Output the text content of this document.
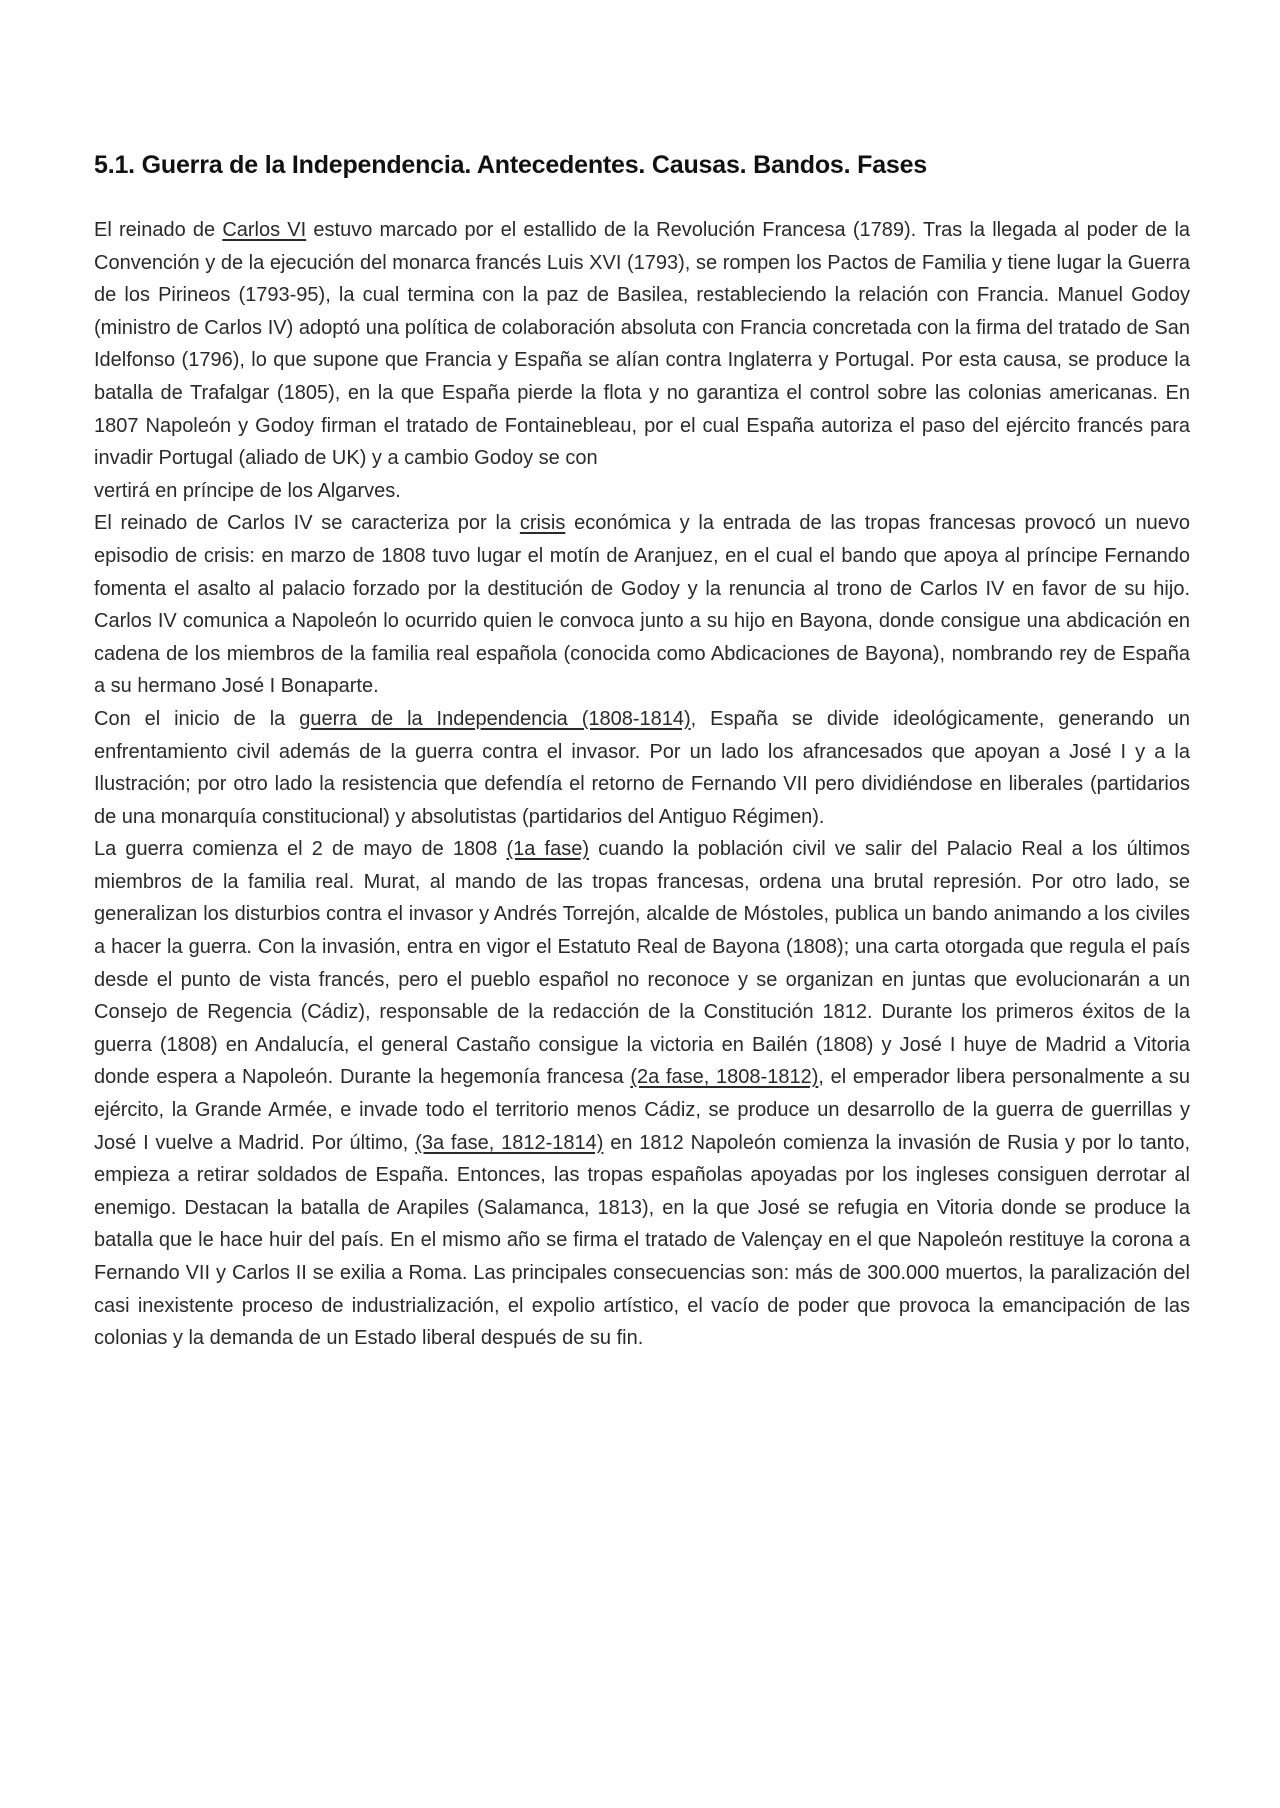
5.1. Guerra de la Independencia. Antecedentes. Causas. Bandos. Fases

El reinado de Carlos VI estuvo marcado por el estallido de la Revolución Francesa (1789). Tras la llegada al poder de la Convención y de la ejecución del monarca francés Luis XVI (1793), se rompen los Pactos de Familia y tiene lugar la Guerra de los Pirineos (1793-95), la cual termina con la paz de Basilea, restableciendo la relación con Francia. Manuel Godoy (ministro de Carlos IV) adoptó una política de colaboración absoluta con Francia concretada con la firma del tratado de San Idelfonso (1796), lo que supone que Francia y España se alían contra Inglaterra y Portugal. Por esta causa, se produce la batalla de Trafalgar (1805), en la que España pierde la flota y no garantiza el control sobre las colonias americanas. En 1807 Napoleón y Godoy firman el tratado de Fontainebleau, por el cual España autoriza el paso del ejército francés para invadir Portugal (aliado de UK) y a cambio Godoy se con

vertirá en príncipe de los Algarves.

El reinado de Carlos IV se caracteriza por la crisis económica y la entrada de las tropas francesas provocó un nuevo episodio de crisis: en marzo de 1808 tuvo lugar el motín de Aranjuez, en el cual el bando que apoya al príncipe Fernando fomenta el asalto al palacio forzado por la destitución de Godoy y la renuncia al trono de Carlos IV en favor de su hijo. Carlos IV comunica a Napoleón lo ocurrido quien le convoca junto a su hijo en Bayona, donde consigue una abdicación en cadena de los miembros de la familia real española (conocida como Abdicaciones de Bayona), nombrando rey de España a su hermano José I Bonaparte.

Con el inicio de la guerra de la Independencia (1808-1814), España se divide ideológicamente, generando un enfrentamiento civil además de la guerra contra el invasor. Por un lado los afrancesados que apoyan a José I y a la Ilustración; por otro lado la resistencia que defendía el retorno de Fernando VII pero dividiéndose en liberales (partidarios de una monarquía constitucional) y absolutistas (partidarios del Antiguo Régimen).

La guerra comienza el 2 de mayo de 1808 (1a fase) cuando la población civil ve salir del Palacio Real a los últimos miembros de la familia real. Murat, al mando de las tropas francesas, ordena una brutal represión. Por otro lado, se generalizan los disturbios contra el invasor y Andrés Torrejón, alcalde de Móstoles, publica un bando animando a los civiles a hacer la guerra. Con la invasión, entra en vigor el Estatuto Real de Bayona (1808); una carta otorgada que regula el país desde el punto de vista francés, pero el pueblo español no reconoce y se organizan en juntas que evolucionarán a un Consejo de Regencia (Cádiz), responsable de la redacción de la Constitución 1812. Durante los primeros éxitos de la guerra (1808) en Andalucía, el general Castaño consigue la victoria en Bailén (1808) y José I huye de Madrid a Vitoria donde espera a Napoleón. Durante la hegemonía francesa (2a fase, 1808-1812), el emperador libera personalmente a su ejército, la Grande Armée, e invade todo el territorio menos Cádiz, se produce un desarrollo de la guerra de guerrillas y José I vuelve a Madrid. Por último, (3a fase, 1812-1814) en 1812 Napoleón comienza la invasión de Rusia y por lo tanto, empieza a retirar soldados de España. Entonces, las tropas españolas apoyadas por los ingleses consiguen derrotar al enemigo. Destacan la batalla de Arapiles (Salamanca, 1813), en la que José se refugia en Vitoria donde se produce la batalla que le hace huir del país. En el mismo año se firma el tratado de Valençay en el que Napoleón restituye la corona a Fernando VII y Carlos II se exilia a Roma. Las principales consecuencias son: más de 300.000 muertos, la paralización del casi inexistente proceso de industrialización, el expolio artístico, el vacío de poder que provoca la emancipación de las colonias y la demanda de un Estado liberal después de su fin.
